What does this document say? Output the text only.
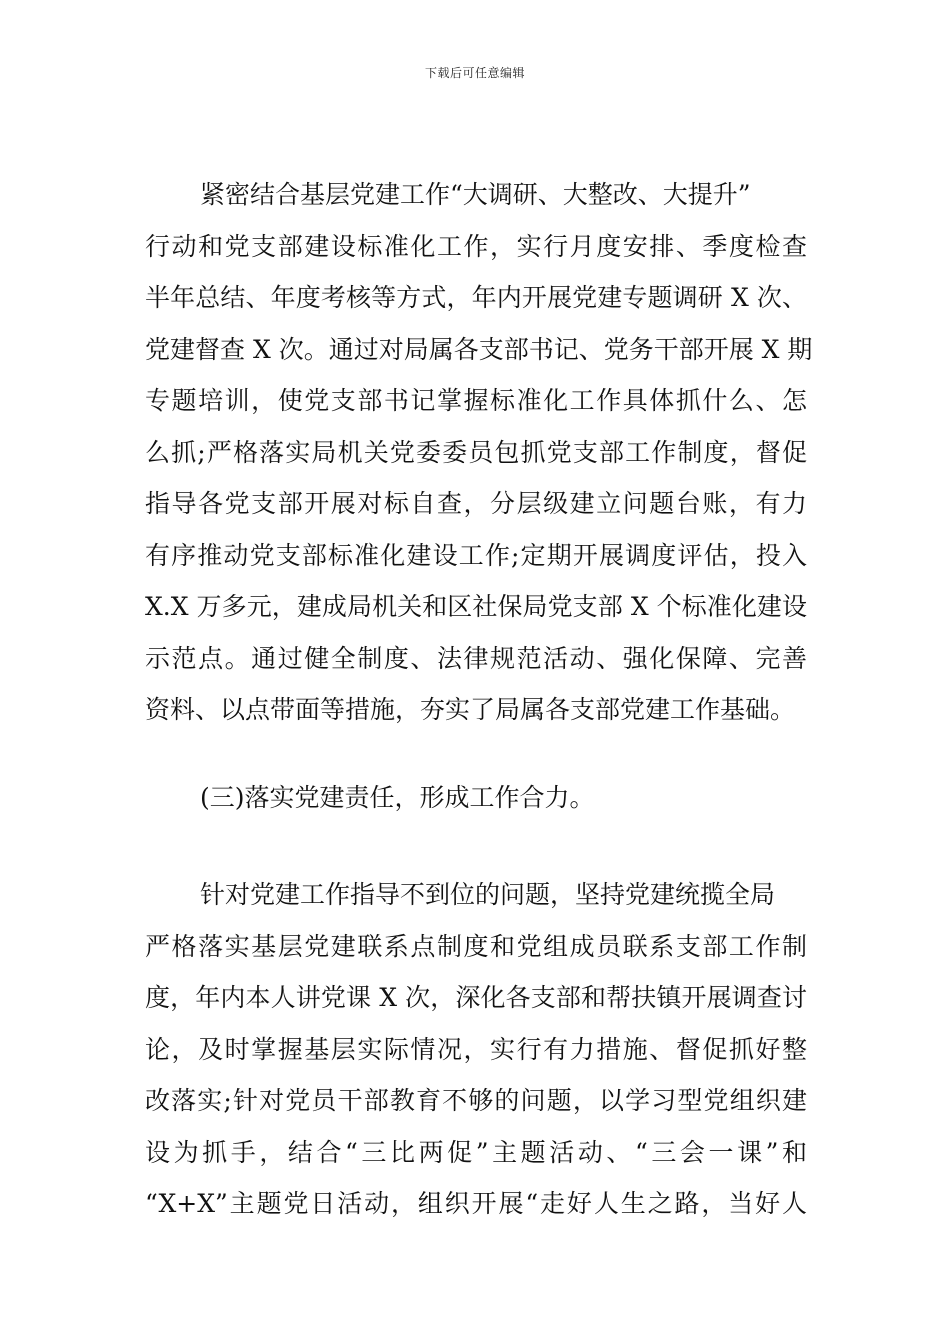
下载后可任意编辑
紧密结合基层党建工作“大调研、大整改、大提升”
行动和党支部建设标准化工作，实行月度安排、季度检查
半年总结、年度考核等方式，年内开展党建专题调研 X 次、
党建督查 X 次。通过对局属各支部书记、党务干部开展 X 期
专题培训，使党支部书记掌握标准化工作具体抓什么、怎
么抓;严格落实局机关党委委员包抓党支部工作制度，督促
指导各党支部开展对标自查，分层级建立问题台账，有力
有序推动党支部标准化建设工作;定期开展调度评估，投入
X.X 万多元，建成局机关和区社保局党支部 X 个标准化建设
示范点。通过健全制度、法律规范活动、强化保障、完善
资料、以点带面等措施，夯实了局属各支部党建工作基础。
(三)落实党建责任，形成工作合力。
针对党建工作指导不到位的问题，坚持党建统揽全局
严格落实基层党建联系点制度和党组成员联系支部工作制
度，年内本人讲党课 X 次，深化各支部和帮扶镇开展调查讨
论，及时掌握基层实际情况，实行有力措施、督促抓好整
改落实;针对党员干部教育不够的问题，以学习型党组织建
设为抓手，结合“三比两促”主题活动、“三会一课”和
“X+X”主题党日活动，组织开展“走好人生之路，当好人
